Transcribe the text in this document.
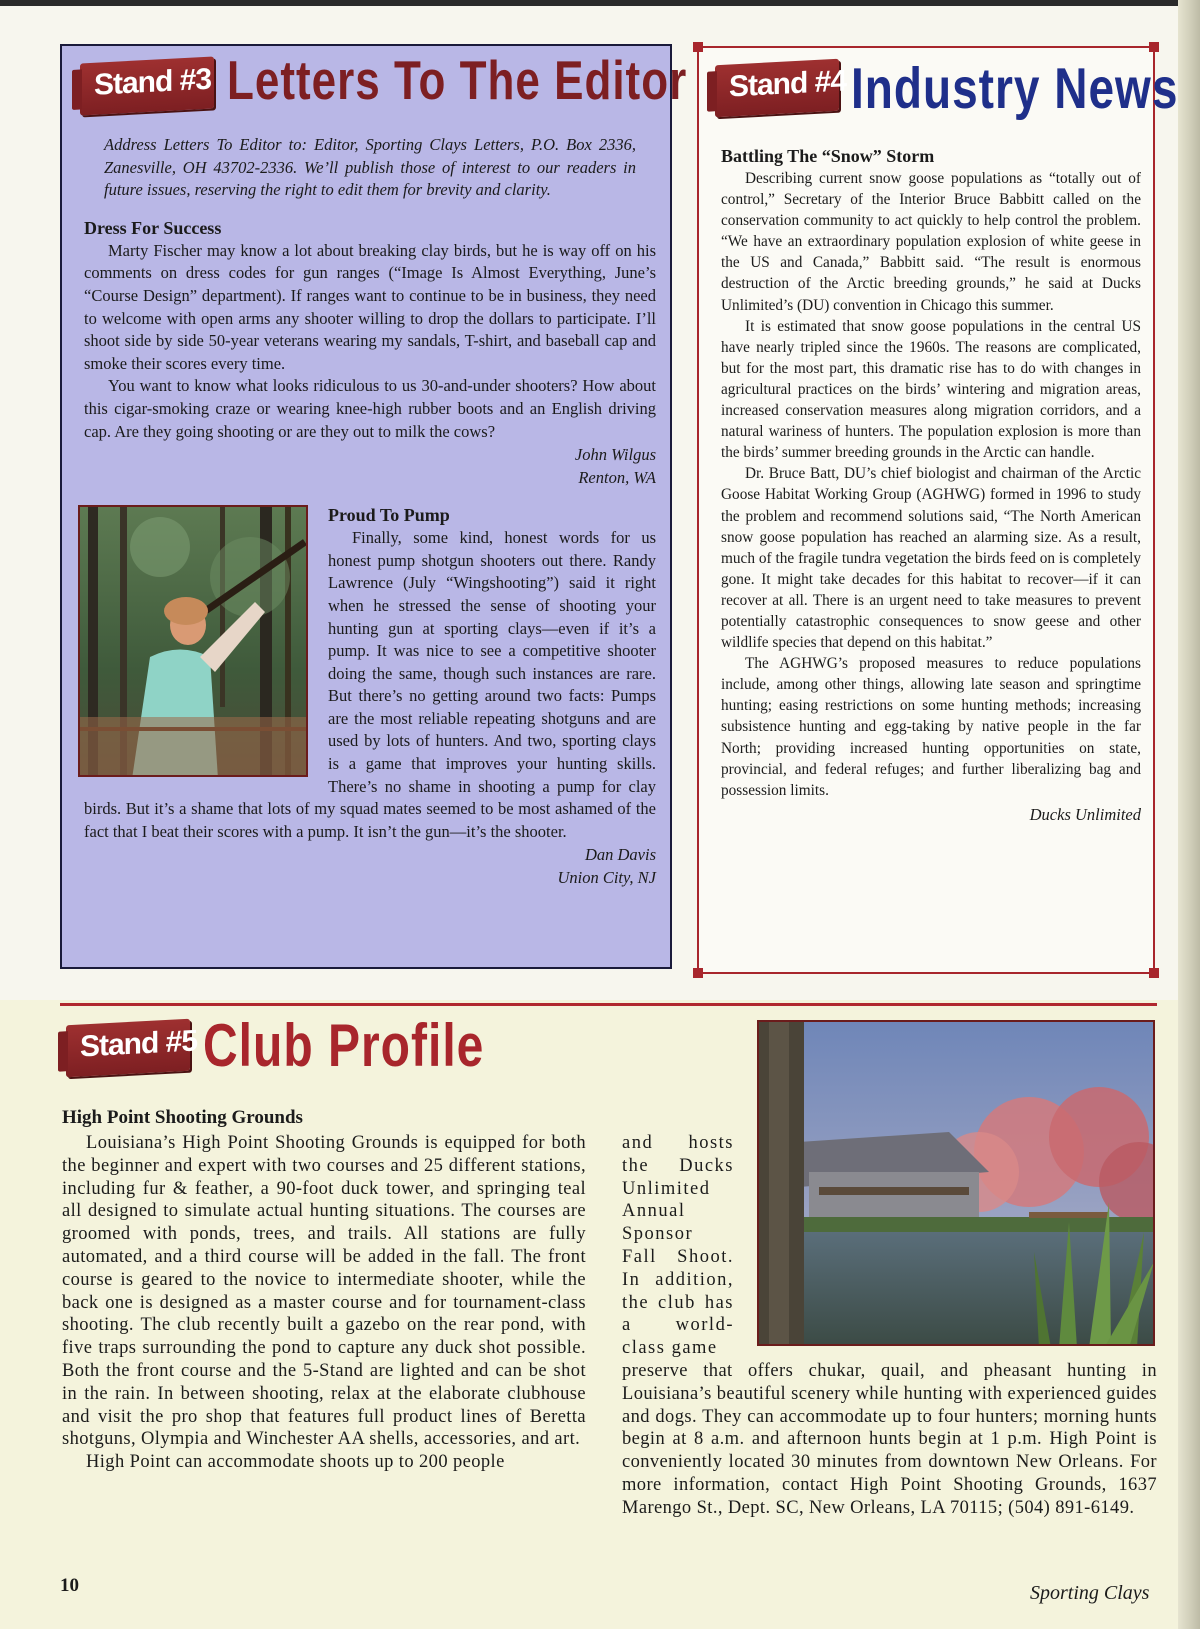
Stand #3 Letters To The Editor
Address Letters To Editor to: Editor, Sporting Clays Letters, P.O. Box 2336, Zanesville, OH 43702-2336. We’ll publish those of interest to our readers in future issues, reserving the right to edit them for brevity and clarity.
Dress For Success

Marty Fischer may know a lot about breaking clay birds, but he is way off on his comments on dress codes for gun ranges (“Image Is Almost Everything, June’s “Course Design” department). If ranges want to continue to be in business, they need to welcome with open arms any shooter willing to drop the dollars to participate. I’ll shoot side by side 50-year veterans wearing my sandals, T-shirt, and baseball cap and smoke their scores every time.

You want to know what looks ridiculous to us 30-and-under shooters? How about this cigar-smoking craze or wearing knee-high rubber boots and an English driving cap. Are they going shooting or are they out to milk the cows?

John Wilgus
Renton, WA
Proud To Pump

Finally, some kind, honest words for us honest pump shotgun shooters out there. Randy Lawrence (July “Wingshooting”) said it right when he stressed the sense of shooting your hunting gun at sporting clays—even if it’s a pump. It was nice to see a competitive shooter doing the same, though such instances are rare. But there’s no getting around two facts: Pumps are the most reliable repeating shotguns and are used by lots of hunters. And two, sporting clays is a game that improves your hunting skills. There’s no shame in shooting a pump for clay birds. But it’s a shame that lots of my squad mates seemed to be most ashamed of the fact that I beat their scores with a pump. It isn’t the gun—it’s the shooter.

Dan Davis
Union City, NJ
Stand #4 Industry News
Battling The “Snow” Storm

Describing current snow goose populations as “totally out of control,” Secretary of the Interior Bruce Babbitt called on the conservation community to act quickly to help control the problem. “We have an extraordinary population explosion of white geese in the US and Canada,” Babbitt said. “The result is enormous destruction of the Arctic breeding grounds,” he said at Ducks Unlimited’s (DU) convention in Chicago this summer.

It is estimated that snow goose populations in the central US have nearly tripled since the 1960s. The reasons are complicated, but for the most part, this dramatic rise has to do with changes in agricultural practices on the birds’ wintering and migration areas, increased conservation measures along migration corridors, and a natural wariness of hunters. The population explosion is more than the birds’ summer breeding grounds in the Arctic can handle.

Dr. Bruce Batt, DU’s chief biologist and chairman of the Arctic Goose Habitat Working Group (AGHWG) formed in 1996 to study the problem and recommend solutions said, “The North American snow goose population has reached an alarming size. As a result, much of the fragile tundra vegetation the birds feed on is completely gone. It might take decades for this habitat to recover—if it can recover at all. There is an urgent need to take measures to prevent potentially catastrophic consequences to snow geese and other wildlife species that depend on this habitat.”

The AGHWG’s proposed measures to reduce populations include, among other things, allowing late season and springtime hunting; easing restrictions on some hunting methods; increasing subsistence hunting and egg-taking by native people in the far North; providing increased hunting opportunities on state, provincial, and federal refuges; and further liberalizing bag and possession limits.

Ducks Unlimited
Stand #5 Club Profile
High Point Shooting Grounds

Louisiana’s High Point Shooting Grounds is equipped for both the beginner and expert with two courses and 25 different stations, including fur & feather, a 90-foot duck tower, and springing teal all designed to simulate actual hunting situations. The courses are groomed with ponds, trees, and trails. All stations are fully automated, and a third course will be added in the fall. The front course is geared to the novice to intermediate shooter, while the back one is designed as a master course and for tournament-class shooting. The club recently built a gazebo on the rear pond, with five traps surrounding the pond to capture any duck shot possible. Both the front course and the 5-Stand are lighted and can be shot in the rain. In between shooting, relax at the elaborate clubhouse and visit the pro shop that features full product lines of Beretta shotguns, Olympia and Winchester AA shells, accessories, and art.

High Point can accommodate shoots up to 200 people

and hosts the Ducks Unlimited Annual Sponsor Fall Shoot. In addition, the club has a world-class game
preserve that offers chukar, quail, and pheasant hunting in Louisiana’s beautiful scenery while hunting with experienced guides and dogs. They can accommodate up to four hunters; morning hunts begin at 8 a.m. and afternoon hunts begin at 1 p.m. High Point is conveniently located 30 minutes from downtown New Orleans. For more information, contact High Point Shooting Grounds, 1637 Marengo St., Dept. SC, New Orleans, LA 70115; (504) 891-6149.
10	Sporting Clays
